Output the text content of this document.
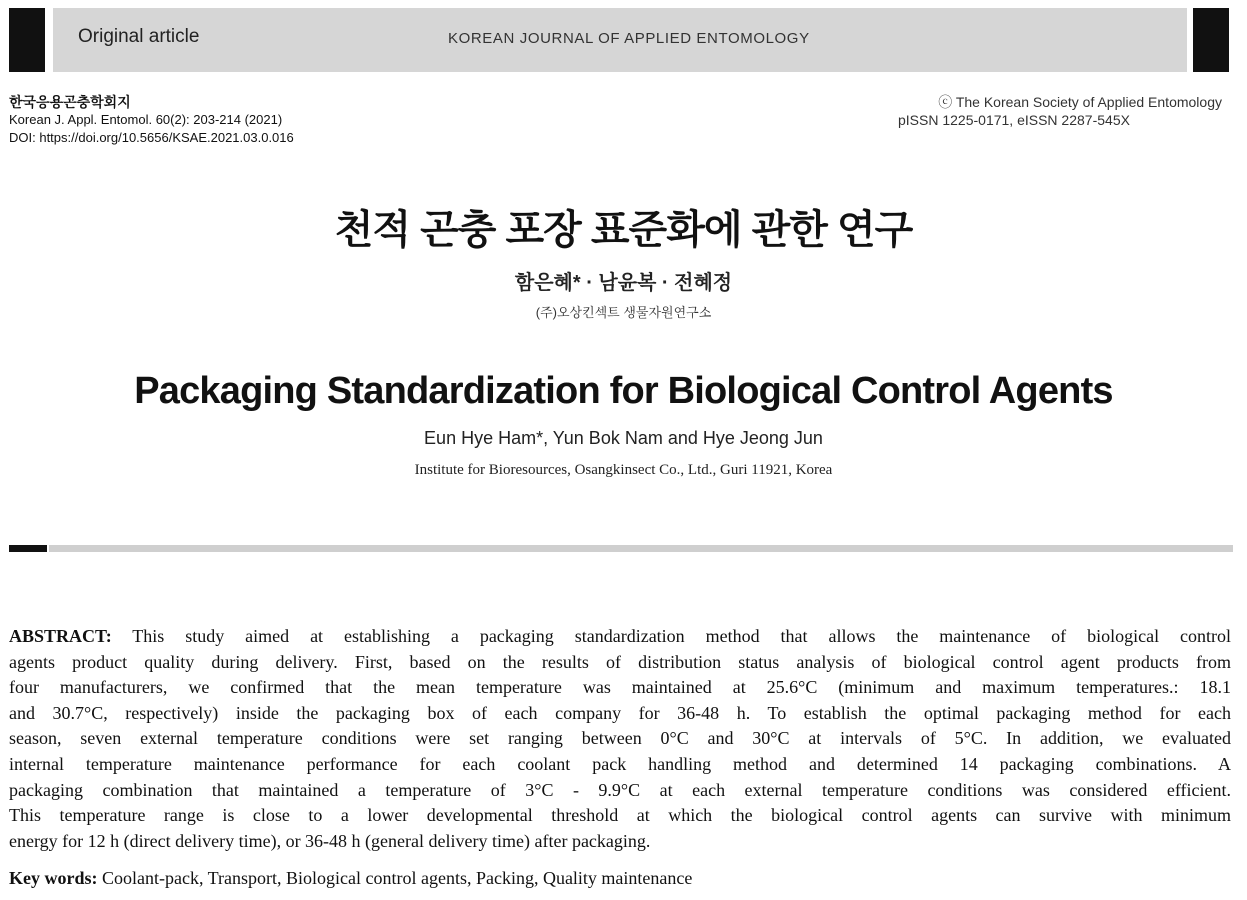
Original article	KOREAN JOURNAL OF APPLIED ENTOMOLOGY
한국응용곤충학회지
Korean J. Appl. Entomol. 60(2): 203-214 (2021)
DOI: https://doi.org/10.5656/KSAE.2021.03.0.016
ⓒ The Korean Society of Applied Entomology
pISSN 1225-0171, eISSN 2287-545X
천적 곤충 포장 표준화에 관한 연구
함은혜* · 남윤복 · 전혜정
(주)오상킨섹트 생물자원연구소
Packaging Standardization for Biological Control Agents
Eun Hye Ham*, Yun Bok Nam and Hye Jeong Jun
Institute for Bioresources, Osangkinsect Co., Ltd., Guri 11921, Korea
ABSTRACT: This study aimed at establishing a packaging standardization method that allows the maintenance of biological control
agents product quality during delivery. First, based on the results of distribution status analysis of biological control agent products from
four manufacturers, we confirmed that the mean temperature was maintained at 25.6°C (minimum and maximum temperatures.: 18.1
and 30.7°C, respectively) inside the packaging box of each company for 36-48 h. To establish the optimal packaging method for each
season, seven external temperature conditions were set ranging between 0°C and 30°C at intervals of 5°C. In addition, we evaluated
internal temperature maintenance performance for each coolant pack handling method and determined 14 packaging combinations. A
packaging combination that maintained a temperature of 3°C - 9.9°C at each external temperature conditions was considered efficient.
This temperature range is close to a lower developmental threshold at which the biological control agents can survive with minimum
energy for 12 h (direct delivery time), or 36-48 h (general delivery time) after packaging.
Key words: Coolant-pack, Transport, Biological control agents, Packing, Quality maintenance
